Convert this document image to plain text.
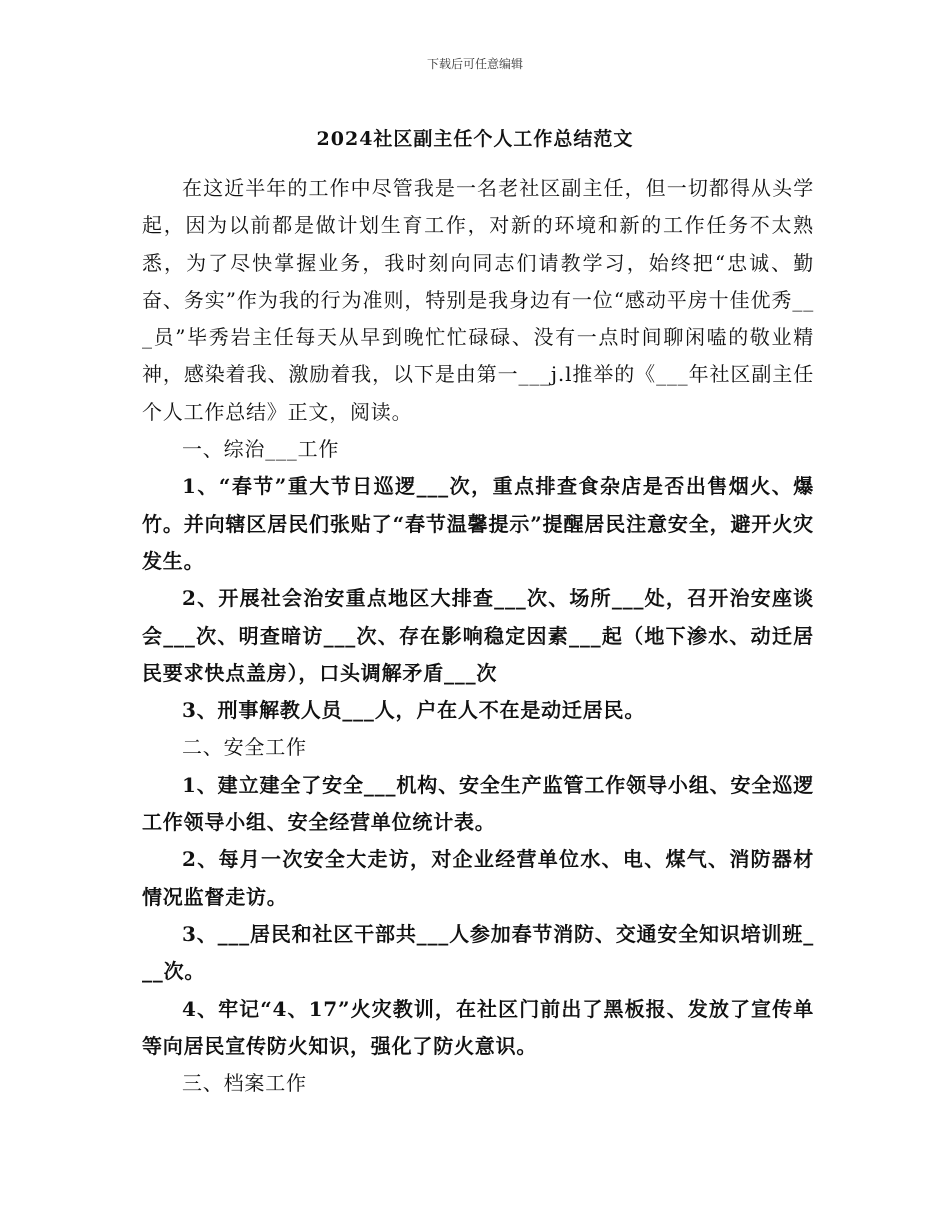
下载后可任意编辑
2024社区副主任个人工作总结范文

在这近半年的工作中尽管我是一名老社区副主任，但一切都得从头学起，因为以前都是做计划生育工作，对新的环境和新的工作任务不太熟悉，为了尽快掌握业务，我时刻向同志们请教学习，始终把“忠诚、勤奋、务实”作为我的行为准则，特别是我身边有一位“感动平房十佳优秀___员”毕秀岩主任每天从早到晚忙忙碌碌、没有一点时间聊闲嗑的敬业精神，感染着我、激励着我，以下是由第一___j.l推举的《___年社区副主任个人工作总结》正文，阅读。

一、综治___工作

1、“春节”重大节日巡逻___次，重点排查食杂店是否出售烟火、爆竹。并向辖区居民们张贴了“春节温馨提示”提醒居民注意安全，避开火灾发生。

2、开展社会治安重点地区大排查___次、场所___处，召开治安座谈会___次、明查暗访___次、存在影响稳定因素___起（地下渗水、动迁居民要求快点盖房），口头调解矛盾___次

3、刑事解教人员___人，户在人不在是动迁居民。

二、安全工作

1、建立建全了安全___机构、安全生产监管工作领导小组、安全巡逻工作领导小组、安全经营单位统计表。

2、每月一次安全大走访，对企业经营单位水、电、煤气、消防器材情况监督走访。

3、___居民和社区干部共___人参加春节消防、交通安全知识培训班___次。

4、牢记“4、17”火灾教训，在社区门前出了黑板报、发放了宣传单等向居民宣传防火知识，强化了防火意识。

三、档案工作
